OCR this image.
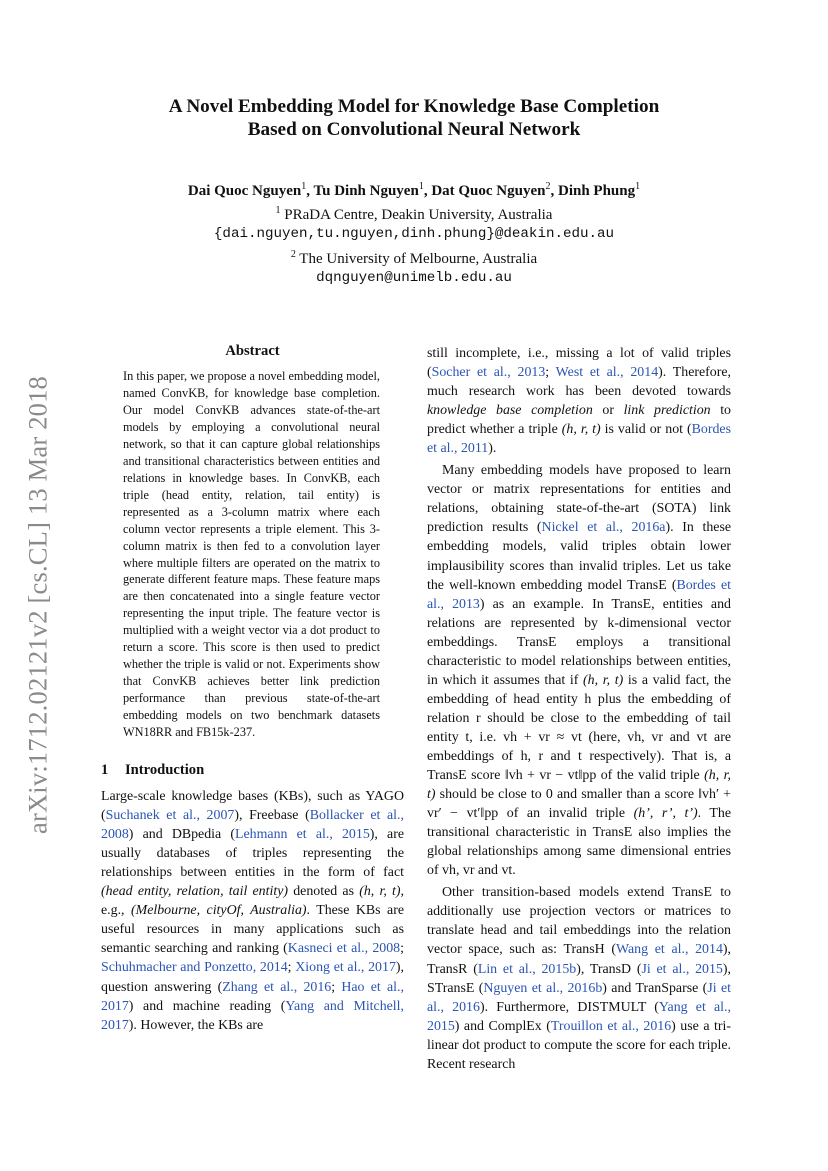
arXiv:1712.02121v2 [cs.CL] 13 Mar 2018
A Novel Embedding Model for Knowledge Base Completion
Based on Convolutional Neural Network
Dai Quoc Nguyen$^1$, Tu Dinh Nguyen$^1$, Dat Quoc Nguyen$^2$, Dinh Phung$^1$
$^1$ PRaDA Centre, Deakin University, Australia
{dai.nguyen,tu.nguyen,dinh.phung}@deakin.edu.au
$^2$ The University of Melbourne, Australia
dqnguyen@unimelb.edu.au
Abstract

In this paper, we propose a novel embedding model, named ConvKB, for knowledge base completion. Our model ConvKB advances state-of-the-art models by employing a convolutional neural network, so that it can capture global relationships and transitional characteristics between entities and relations in knowledge bases. In ConvKB, each triple (head entity, relation, tail entity) is represented as a 3-column matrix where each column vector represents a triple element. This 3-column matrix is then fed to a convolution layer where multiple filters are operated on the matrix to generate different feature maps. These feature maps are then concatenated into a single feature vector representing the input triple. The feature vector is multiplied with a weight vector via a dot product to return a score. This score is then used to predict whether the triple is valid or not. Experiments show that ConvKB achieves better link prediction performance than previous state-of-the-art embedding models on two benchmark datasets WN18RR and FB15k-237.

1 Introduction

Large-scale knowledge bases (KBs), such as YAGO (Suchanek et al., 2007), Freebase (Bollacker et al., 2008) and DBpedia (Lehmann et al., 2015), are usually databases of triples representing the relationships between entities in the form of fact (head entity, relation, tail entity) denoted as (h, r, t), e.g., (Melbourne, cityOf, Australia). These KBs are useful resources in many applications such as semantic searching and ranking (Kasneci et al., 2008; Schuhmacher and Ponzetto, 2014; Xiong et al., 2017), question answering (Zhang et al., 2016; Hao et al., 2017) and machine reading (Yang and Mitchell, 2017). However, the KBs are

still incomplete, i.e., missing a lot of valid triples (Socher et al., 2013; West et al., 2014). Therefore, much research work has been devoted towards knowledge base completion or link prediction to predict whether a triple (h, r, t) is valid or not (Bordes et al., 2011).

Many embedding models have proposed to learn vector or matrix representations for entities and relations, obtaining state-of-the-art (SOTA) link prediction results (Nickel et al., 2016a). In these embedding models, valid triples obtain lower implausibility scores than invalid triples. Let us take the well-known embedding model TransE (Bordes et al., 2013) as an example. In TransE, entities and relations are represented by k-dimensional vector embeddings. TransE employs a transitional characteristic to model relationships between entities, in which it assumes that if (h, r, t) is a valid fact, the embedding of head entity h plus the embedding of relation r should be close to the embedding of tail entity t, i.e. vh + vr ≈ vt (here, vh, vr and vt are embeddings of h, r and t respectively). That is, a TransE score ‖vh + vr − vt‖pp of the valid triple (h, r, t) should be close to 0 and smaller than a score ‖vh′ + vr′ − vt′‖pp of an invalid triple (h’, r’, t’). The transitional characteristic in TransE also implies the global relationships among same dimensional entries of vh, vr and vt.

Other transition-based models extend TransE to additionally use projection vectors or matrices to translate head and tail embeddings into the relation vector space, such as: TransH (Wang et al., 2014), TransR (Lin et al., 2015b), TransD (Ji et al., 2015), STransE (Nguyen et al., 2016b) and TranSparse (Ji et al., 2016). Furthermore, DISTMULT (Yang et al., 2015) and ComplEx (Trouillon et al., 2016) use a tri-linear dot product to compute the score for each triple. Recent research
